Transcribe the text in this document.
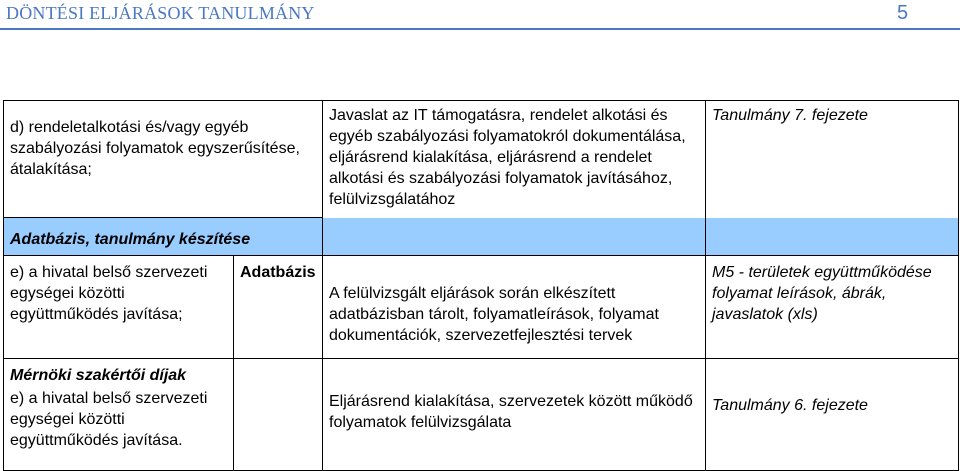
DÖNTÉSI ELJÁRÁSOK TANULMÁNY	5
d) rendeletalkotási és/vagy egyéb szabályozási folyamatok egyszerűsítése, átalakítása;		Javaslat az IT támogatásra, rendelet alkotási és egyéb szabályozási folyamatokról dokumentálása, eljárásrend kialakítása, eljárásrend a rendelet alkotási és szabályozási folyamatok javításához, felülvizsgálatához	Tanulmány 7. fejezete

Adatbázis, tanulmány készítése			

e) a hivatal belső szervezeti egységei közötti együttműködés javítása;	Adatbázis	A felülvizsgált eljárások során elkészített adatbázisban tárolt, folyamatleírások, folyamat dokumentációk, szervezetfejlesztési tervek	M5 - területek együttműködése folyamat leírások, ábrák, javaslatok (xls)

Mérnöki szakértői díjak
e) a hivatal belső szervezeti egységei közötti együttműködés javítása.		Eljárásrend kialakítása, szervezetek között működő folyamatok felülvizsgálata	Tanulmány 6. fejezete
